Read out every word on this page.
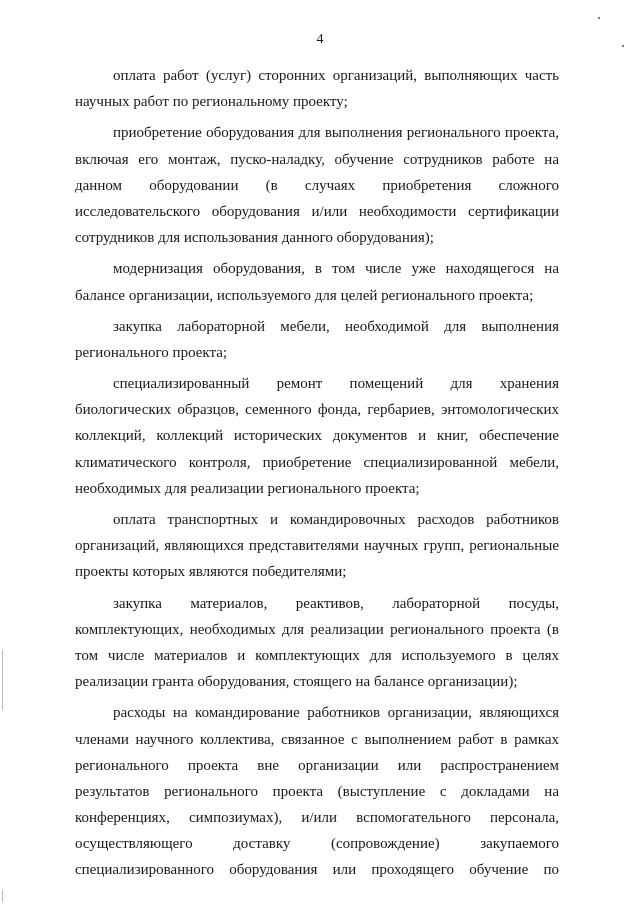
4
оплата работ (услуг) сторонних организаций, выполняющих часть
научных работ по региональному проекту;
приобретение оборудования для выполнения регионального проекта,
включая его монтаж, пуско-наладку, обучение сотрудников работе на
данном оборудовании (в случаях приобретения сложного
исследовательского оборудования и/или необходимости сертификации
сотрудников для использования данного оборудования);
модернизация оборудования, в том числе уже находящегося на
балансе организации, используемого для целей регионального проекта;
закупка лабораторной мебели, необходимой для выполнения
регионального проекта;
специализированный ремонт помещений для хранения
биологических образцов, семенного фонда, гербариев, энтомологических
коллекций, коллекций исторических документов и книг, обеспечение
климатического контроля, приобретение специализированной мебели,
необходимых для реализации регионального проекта;
оплата транспортных и командировочных расходов работников
организаций, являющихся представителями научных групп, региональные
проекты которых являются победителями;
закупка материалов, реактивов, лабораторной посуды,
комплектующих, необходимых для реализации регионального проекта (в
том числе материалов и комплектующих для используемого в целях
реализации гранта оборудования, стоящего на балансе организации);
расходы на командирование работников организации, являющихся
членами научного коллектива, связанное с выполнением работ в рамках
регионального проекта вне организации или распространением
результатов регионального проекта (выступление с докладами на
конференциях, симпозиумах), и/или вспомогательного персонала,
осуществляющего доставку (сопровождение) закупаемого
специализированного оборудования или проходящего обучение по
